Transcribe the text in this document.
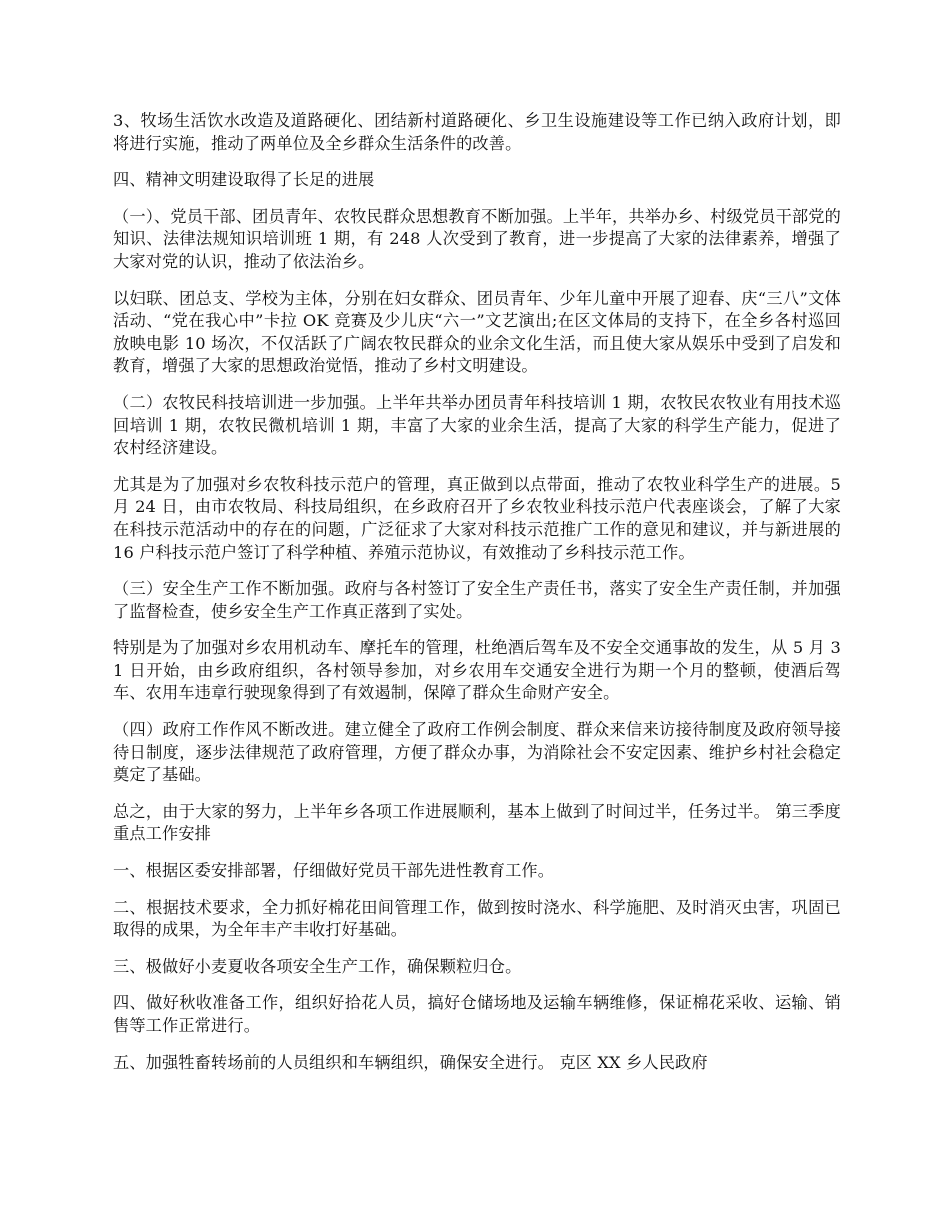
3、牧场生活饮水改造及道路硬化、团结新村道路硬化、乡卫生设施建设等工作已纳入政府计划，即将进行实施，推动了两单位及全乡群众生活条件的改善。

四、精神文明建设取得了长足的进展

（一）、党员干部、团员青年、农牧民群众思想教育不断加强。上半年，共举办乡、村级党员干部党的知识、法律法规知识培训班 1 期，有 248 人次受到了教育，进一步提高了大家的法律素养，增强了大家对党的认识，推动了依法治乡。

以妇联、团总支、学校为主体，分别在妇女群众、团员青年、少年儿童中开展了迎春、庆“三八”文体活动、“党在我心中”卡拉 OK 竞赛及少儿庆“六一”文艺演出;在区文体局的支持下，在全乡各村巡回放映电影 10 场次，不仅活跃了广阔农牧民群众的业余文化生活，而且使大家从娱乐中受到了启发和教育，增强了大家的思想政治觉悟，推动了乡村文明建设。

（二）农牧民科技培训进一步加强。上半年共举办团员青年科技培训 1 期，农牧民农牧业有用技术巡回培训 1 期，农牧民微机培训 1 期，丰富了大家的业余生活，提高了大家的科学生产能力，促进了农村经济建设。

尤其是为了加强对乡农牧科技示范户的管理，真正做到以点带面，推动了农牧业科学生产的进展。5 月 24 日，由市农牧局、科技局组织，在乡政府召开了乡农牧业科技示范户代表座谈会，了解了大家在科技示范活动中的存在的问题，广泛征求了大家对科技示范推广工作的意见和建议，并与新进展的 16 户科技示范户签订了科学种植、养殖示范协议，有效推动了乡科技示范工作。

（三）安全生产工作不断加强。政府与各村签订了安全生产责任书，落实了安全生产责任制，并加强了监督检查，使乡安全生产工作真正落到了实处。

特别是为了加强对乡农用机动车、摩托车的管理，杜绝酒后驾车及不安全交通事故的发生，从 5 月 31 日开始，由乡政府组织，各村领导参加，对乡农用车交通安全进行为期一个月的整顿，使酒后驾车、农用车违章行驶现象得到了有效遏制，保障了群众生命财产安全。

（四）政府工作作风不断改进。建立健全了政府工作例会制度、群众来信来访接待制度及政府领导接待日制度，逐步法律规范了政府管理，方便了群众办事，为消除社会不安定因素、维护乡村社会稳定奠定了基础。

总之，由于大家的努力，上半年乡各项工作进展顺利，基本上做到了时间过半，任务过半。 第三季度重点工作安排

一、根据区委安排部署，仔细做好党员干部先进性教育工作。

二、根据技术要求，全力抓好棉花田间管理工作，做到按时浇水、科学施肥、及时消灭虫害，巩固已取得的成果，为全年丰产丰收打好基础。

三、极做好小麦夏收各项安全生产工作，确保颗粒归仓。

四、做好秋收准备工作，组织好拾花人员，搞好仓储场地及运输车辆维修，保证棉花采收、运输、销售等工作正常进行。

五、加强牲畜转场前的人员组织和车辆组织，确保安全进行。 克区 XX 乡人民政府
